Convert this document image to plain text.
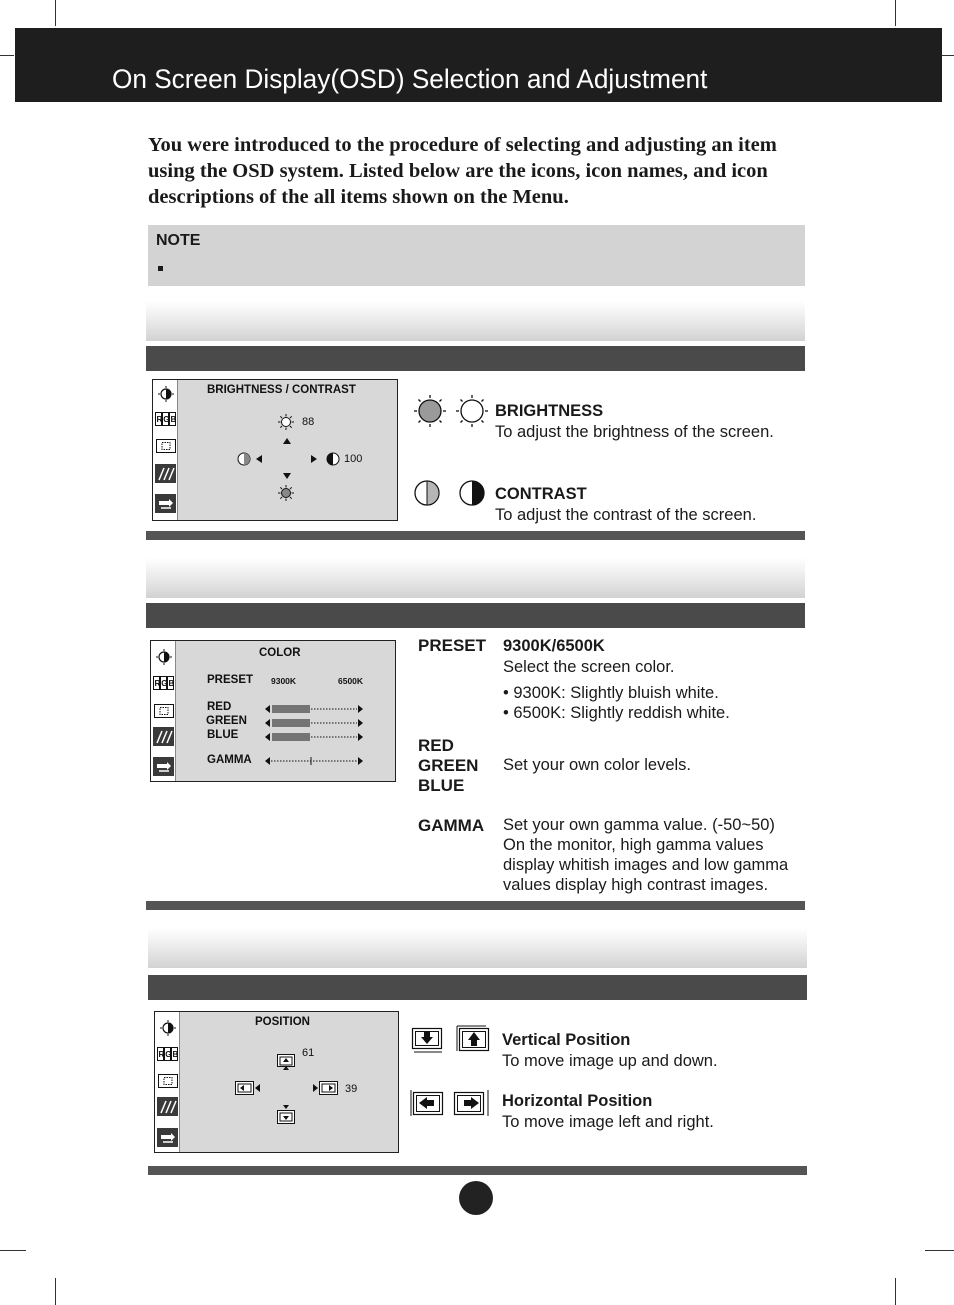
On Screen Display(OSD) Selection and Adjustment
You were introduced to the procedure of selecting and adjusting an item using the OSD system. Listed below are the icons, icon names, and icon descriptions of the all items shown on the Menu.
NOTE
R G B
BRIGHTNESS / CONTRAST
88
100
BRIGHTNESS
To adjust the brightness of the screen.
CONTRAST
To adjust the contrast of the screen.
R G B
COLOR
PRESET 9300K	6500K
RED
GREEN
BLUE
GAMMA
PRESET 9300K/6500K
Select the screen color.
• 9300K: Slightly bluish white.
• 6500K: Slightly reddish white.
RED
GREEN
BLUE
Set your own color levels.
GAMMA Set your own gamma value. (-50~50)
On the monitor, high gamma values
display whitish images and low gamma
values display high contrast images.
R G B
POSITION
61
39
Vertical Position
To move image up and down.
Horizontal Position
To move image left and right.
